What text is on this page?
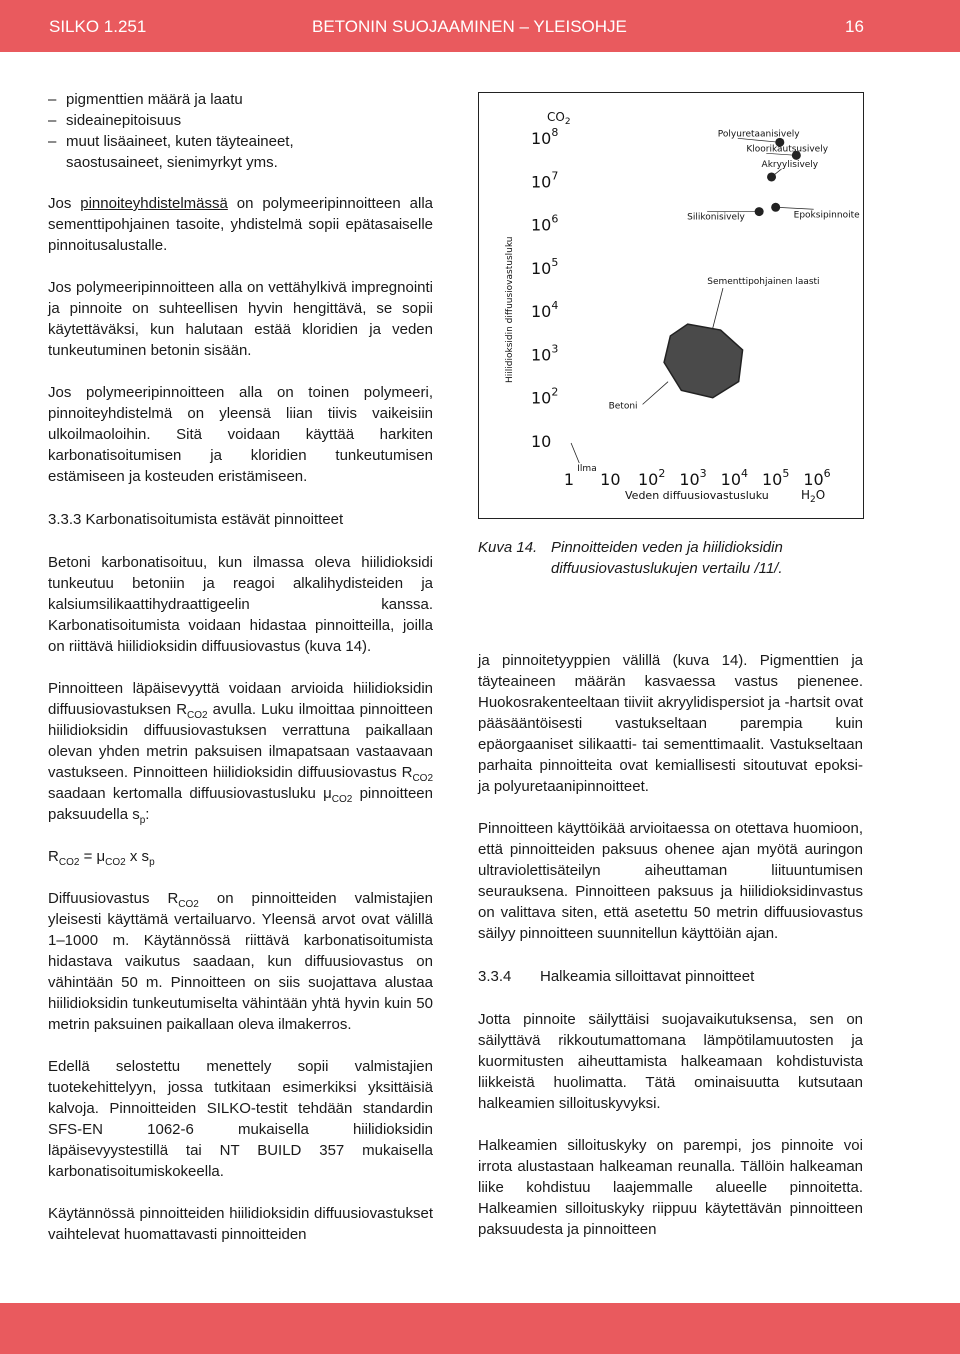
SILKO 1.251	BETONIN SUOJAAMINEN – YLEISOHJE	16
– pigmenttien määrä ja laatu
– sideainepitoisuus
– muut lisäaineet, kuten täyteaineet,
saostusaineet, sienimyrkyt yms.

Jos pinnoiteyhdistelmässä on polymeeripinnoitteen alla sementtipohjainen tasoite, yhdistelmä sopii epätasaiselle pinnoitusalustalle.

Jos polymeeripinnoitteen alla on vettähylkivä impregnointi ja pinnoite on suhteellisen hyvin hengittävä, se sopii käytettäväksi, kun halutaan estää kloridien ja veden tunkeutuminen betonin sisään.

Jos polymeeripinnoitteen alla on toinen polymeeri, pinnoiteyhdistelmä on yleensä liian tiivis vaikeisiin ulkoilmaoloihin. Sitä voidaan käyttää harkiten karbonatisoitumisen ja kloridien tunkeutumisen estämiseen ja kosteuden eristämiseen.

3.3.3 Karbonatisoitumista estävät pinnoitteet

Betoni karbonatisoituu, kun ilmassa oleva hiilidioksidi tunkeutuu betoniin ja reagoi alkalihydisteiden ja kalsiumsilikaattihydraattigeelin kanssa. Karbonatisoitumista voidaan hidastaa pinnoitteilla, joilla on riittävä hiilidioksidin diffuusiovastus (kuva 14).

Pinnoitteen läpäisevyyttä voidaan arvioida hiilidioksidin diffuusiovastuksen $R_{CO2}$ avulla. Luku ilmoittaa pinnoitteen hiilidioksidin diffuusiovastuksen verrattuna paikallaan olevan yhden metrin paksuisen ilmapatsaan vastaavaan vastukseen. Pinnoitteen hiilidioksidin diffuusiovastus $R_{CO2}$ saadaan kertomalla diffuusiovastusluku $\mu_{CO2}$ pinnoitteen paksuudella $s_p$:

$R_{CO2} = \mu_{CO2}$ x $s_p$

Diffuusiovastus $R_{CO2}$ on pinnoitteiden valmistajien yleisesti käyttämä vertailuarvo. Yleensä arvot ovat välillä 1–1000 m. Käytännössä riittävä karbonatisoitumista hidastava vaikutus saadaan, kun diffuusiovastus on vähintään 50 m. Pinnoitteen on siis suojattava alustaa hiilidioksidin tunkeutumiselta vähintään yhtä hyvin kuin 50 metrin paksuinen paikallaan oleva ilmakerros.

Edellä selostettu menettely sopii valmistajien tuotekehittelyyn, jossa tutkitaan esimerkiksi yksittäisiä kalvoja. Pinnoitteiden SILKO-testit tehdään standardin SFS-EN 1062-6 mukaisella hiilidioksidin läpäisevyystestillä tai NT BUILD 357 mukaisella karbonatisoitumiskokeella.

Käytännössä pinnoitteiden hiilidioksidin diffuusiovastukset vaihtelevat huomattavasti pinnoitteiden

$10^8$
$10^7$
$10^6$
$10^5$
$10^4$
$10^3$
$10^2$
10
1 10 $10^2$ $10^3$ $10^4$ $10^5$ $10^6$
Sementtipohjainen laasti
Betoni
Ilma
Polyuretaanisively
Kloorikautsusively
Akryylisively
Silikonisively	Epoksipinnoite
Hiilidioksidin diffuusiovastusluku
$CO_2$
Veden diffuusiovastusluku	$H_2O$
Kuva 14. Pinnoitteiden veden ja hiilidioksidin diffuusiovastuslukujen vertailu /11/.

ja pinnoitetyyppien välillä (kuva 14). Pigmenttien ja täyteaineen määrän kasvaessa vastus pienenee. Huokosrakenteeltaan tiiviit akryylidispersiot ja -hartsit ovat pääsääntöisesti vastukseltaan parempia kuin epäorgaaniset silikaatti- tai sementtimaalit. Vastukseltaan parhaita pinnoitteita ovat kemiallisesti sitoutuvat epoksi- ja polyuretaanipinnoitteet.

Pinnoitteen käyttöikää arvioitaessa on otettava huomioon, että pinnoitteiden paksuus ohenee ajan myötä auringon ultraviolettisäteilyn aiheuttaman liituuntumisen seurauksena. Pinnoitteen paksuus ja hiilidioksidinvastus on valittava siten, että asetettu 50 metrin diffuusiovastus säilyy pinnoitteen suunnitellun käyttöiän ajan.

3.3.4 Halkeamia silloittavat pinnoitteet

Jotta pinnoite säilyttäisi suojavaikutuksensa, sen on säilyttävä rikkoutumattomana lämpötilamuutosten ja kuormitusten aiheuttamista halkeamaan kohdistuvista liikkeistä huolimatta. Tätä ominaisuutta kutsutaan halkeamien silloituskyvyksi.

Halkeamien silloituskyky on parempi, jos pinnoite voi irrota alustastaan halkeaman reunalla. Tällöin halkeaman liike kohdistuu laajemmalle alueelle pinnoitetta. Halkeamien silloituskyky riippuu käytettävän pinnoitteen paksuudesta ja pinnoitteen
